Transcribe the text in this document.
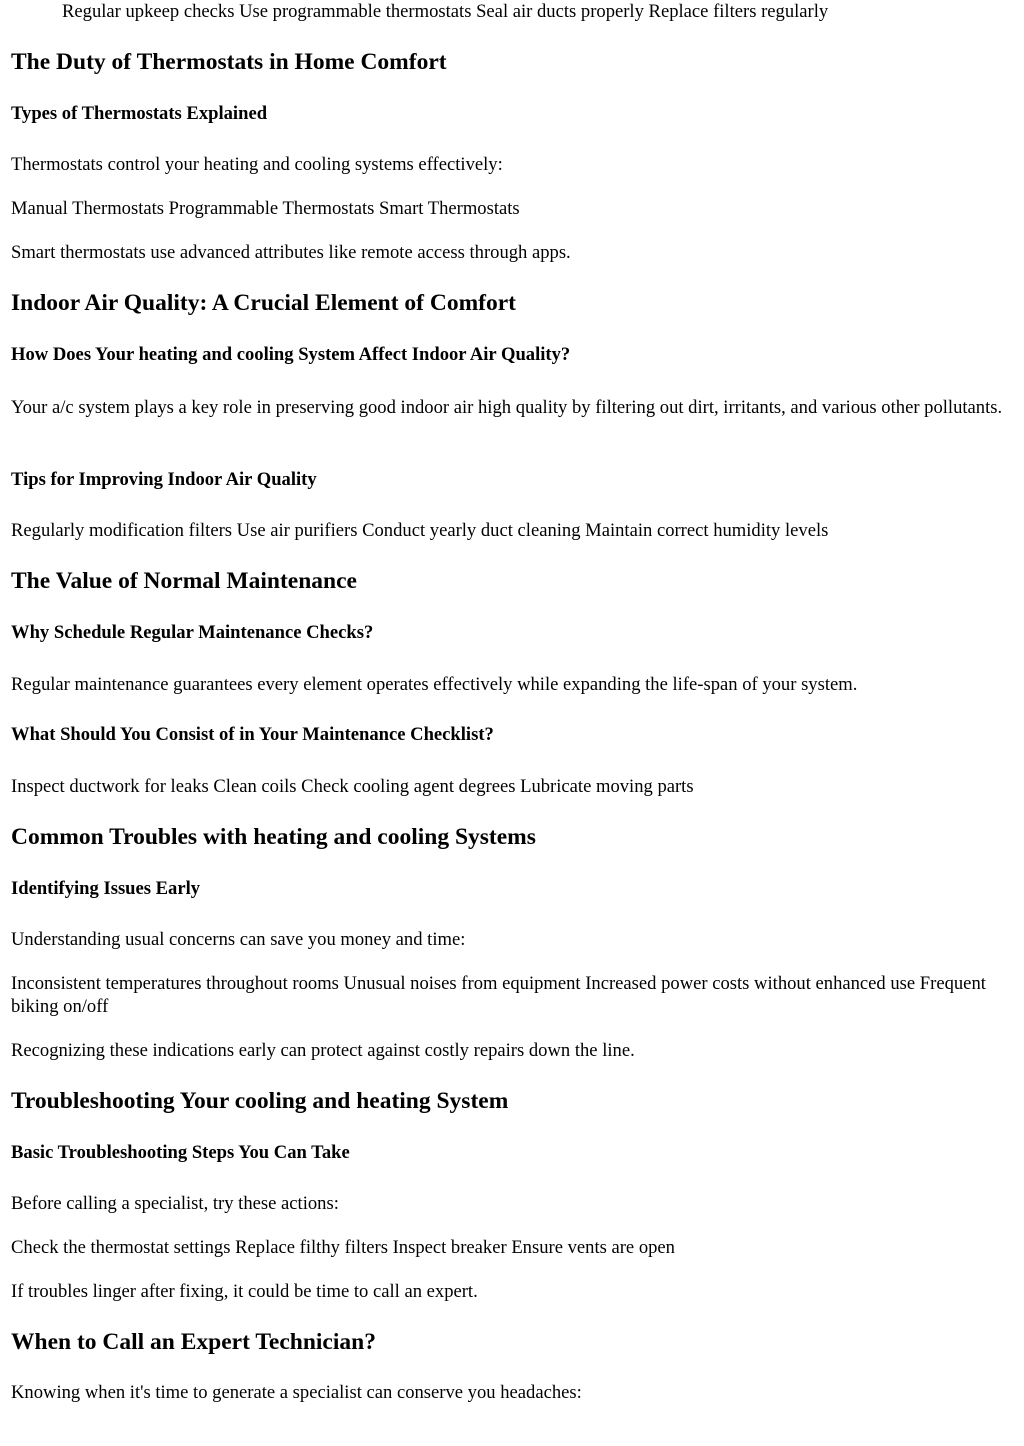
Regular upkeep checks Use programmable thermostats Seal air ducts properly Replace filters regularly

The Duty of Thermostats in Home Comfort
Types of Thermostats Explained

Thermostats control your heating and cooling systems effectively:

Manual Thermostats Programmable Thermostats Smart Thermostats

Smart thermostats use advanced attributes like remote access through apps.

Indoor Air Quality: A Crucial Element of Comfort
How Does Your heating and cooling System Affect Indoor Air Quality?

Your a/c system plays a key role in preserving good indoor air high quality by filtering out dirt, irritants, and various other pollutants.

Tips for Improving Indoor Air Quality

Regularly modification filters Use air purifiers Conduct yearly duct cleaning Maintain correct humidity levels

The Value of Normal Maintenance
Why Schedule Regular Maintenance Checks?

Regular maintenance guarantees every element operates effectively while expanding the life-span of your system.

What Should You Consist of in Your Maintenance Checklist?

Inspect ductwork for leaks Clean coils Check cooling agent degrees Lubricate moving parts

Common Troubles with heating and cooling Systems
Identifying Issues Early

Understanding usual concerns can save you money and time:

Inconsistent temperatures throughout rooms Unusual noises from equipment Increased power costs without enhanced use Frequent biking on/off

Recognizing these indications early can protect against costly repairs down the line.

Troubleshooting Your cooling and heating System
Basic Troubleshooting Steps You Can Take

Before calling a specialist, try these actions:

Check the thermostat settings Replace filthy filters Inspect breaker Ensure vents are open

If troubles linger after fixing, it could be time to call an expert.

When to Call an Expert Technician?

Knowing when it's time to generate a specialist can conserve you headaches:
